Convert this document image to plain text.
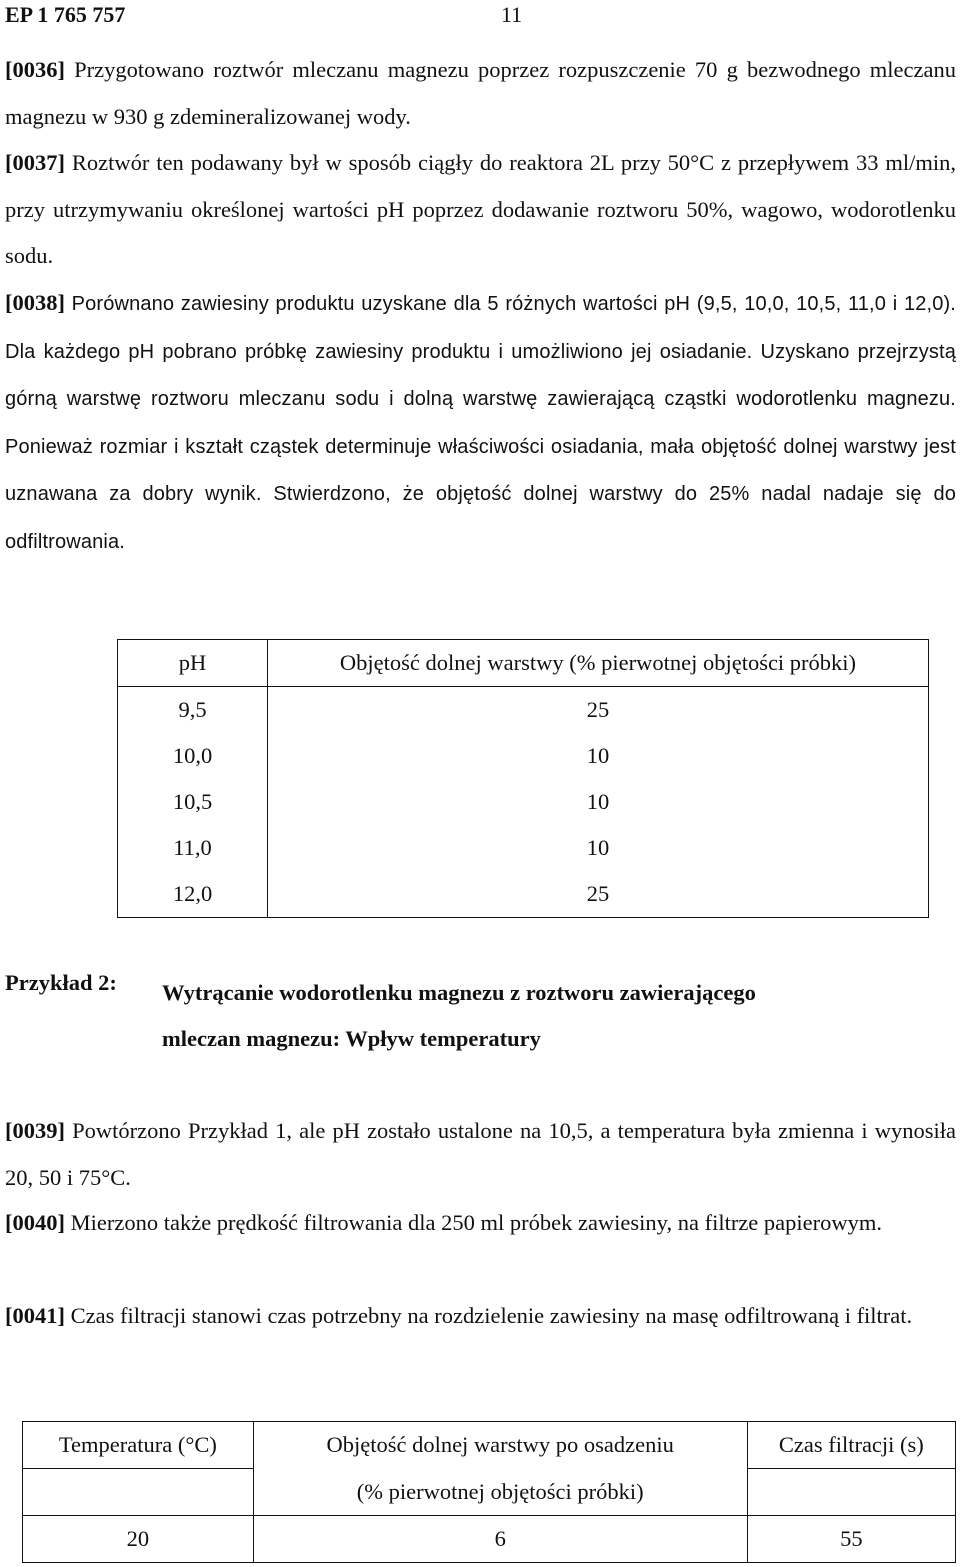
EP 1 765 757	11

[0036] Przygotowano roztwór mleczanu magnezu poprzez rozpuszczenie 70 g bezwodnego mleczanu magnezu w 930 g zdemineralizowanej wody.

[0037] Roztwór ten podawany był w sposób ciągły do reaktora 2L przy 50°C z przepływem 33 ml/min, przy utrzymywaniu określonej wartości pH poprzez dodawanie roztworu 50%, wagowo, wodorotlenku sodu.

[0038] Porównano zawiesiny produktu uzyskane dla 5 różnych wartości pH (9,5, 10,0, 10,5, 11,0 i 12,0). Dla każdego pH pobrano próbkę zawiesiny produktu i umożliwiono jej osiadanie. Uzyskano przejrzystą górną warstwę roztworu mleczanu sodu i dolną warstwę zawierającą cząstki wodorotlenku magnezu. Ponieważ rozmiar i kształt cząstek determinuje właściwości osiadania, mała objętość dolnej warstwy jest uznawana za dobry wynik. Stwierdzono, że objętość dolnej warstwy do 25% nadal nadaje się do odfiltrowania.

pH	Objętość dolnej warstwy (% pierwotnej objętości próbki)
9,5	25
10,0	10
10,5	10
11,0	10
12,0	25
Przykład 2: Wytrącanie wodorotlenku magnezu z roztworu zawierającego
mleczan magnezu: Wpływ temperatury

[0039] Powtórzono Przykład 1, ale pH zostało ustalone na 10,5, a temperatura była zmienna i wynosiła 20, 50 i 75°C.

[0040] Mierzono także prędkość filtrowania dla 250 ml próbek zawiesiny, na filtrze papierowym.

[0041] Czas filtracji stanowi czas potrzebny na rozdzielenie zawiesiny na masę odfiltrowaną i filtrat.

Temperatura (°C)	Objętość dolnej warstwy po osadzeniu	Czas filtracji (s)
	(% pierwotnej objętości próbki)	
20	6	55
